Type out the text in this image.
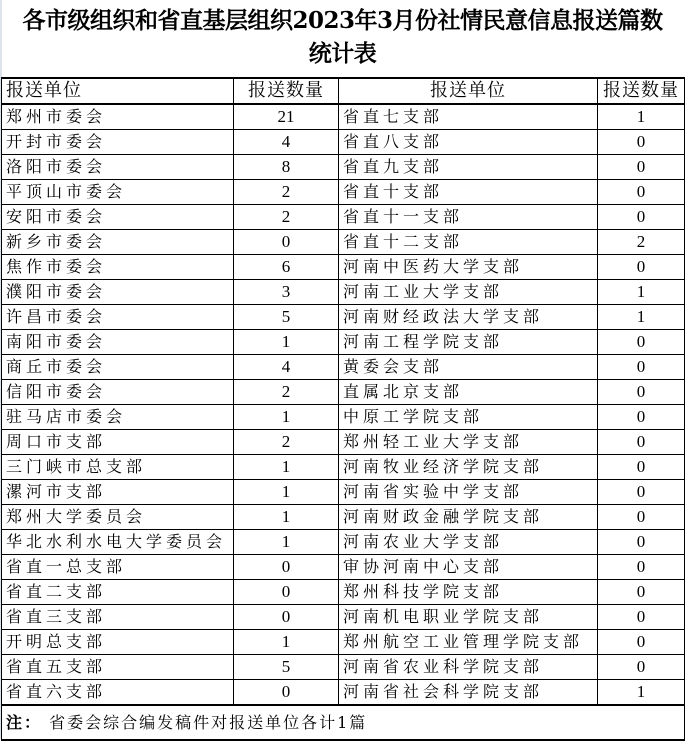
各市级组织和省直基层组织2023年3月份社情民意信息报送篇数
统计表
报送单位	报送数量	报送单位	报送数量
郑州市委会	21	省直七支部	1
开封市委会	4	省直八支部	0
洛阳市委会	8	省直九支部	0
平顶山市委会	2	省直十支部	0
安阳市委会	2	省直十一支部	0
新乡市委会	0	省直十二支部	2
焦作市委会	6	河南中医药大学支部	0
濮阳市委会	3	河南工业大学支部	1
许昌市委会	5	河南财经政法大学支部	1
南阳市委会	1	河南工程学院支部	0
商丘市委会	4	黄委会支部	0
信阳市委会	2	直属北京支部	0
驻马店市委会	1	中原工学院支部	0
周口市支部	2	郑州轻工业大学支部	0
三门峡市总支部	1	河南牧业经济学院支部	0
漯河市支部	1	河南省实验中学支部	0
郑州大学委员会	1	河南财政金融学院支部	0
华北水利水电大学委员会	1	河南农业大学支部	0
省直一总支部	0	审协河南中心支部	0
省直二支部	0	郑州科技学院支部	0
省直三支部	0	河南机电职业学院支部	0
开明总支部	1	郑州航空工业管理学院支部	0
省直五支部	5	河南省农业科学院支部	0
省直六支部	0	河南省社会科学院支部	1
注： 省委会综合编发稿件对报送单位各计1篇			
